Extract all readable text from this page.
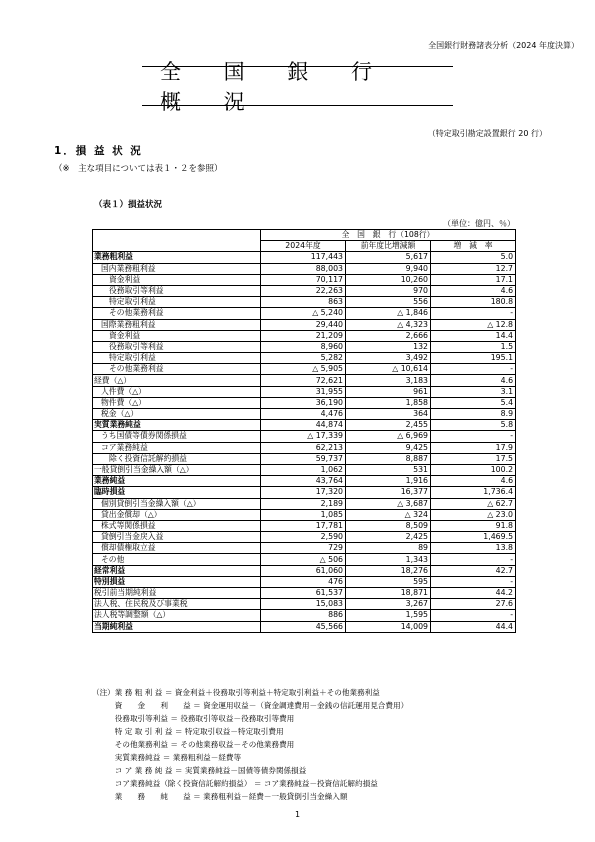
全国銀行財務諸表分析（2024 年度決算）
全 国 銀 行 概 況
（特定取引勘定設置銀行 20 行）
1．損 益 状 況
（※　主な項目については表１・２を参照）
（表１）損益状況
（単位：億円、％）
	全　国　銀　行（108行）		
	2024年度	前年度比増減額	増　減　率
業務粗利益	117,443	5,617	5.0
国内業務粗利益	88,003	9,940	12.7
資金利益	70,117	10,260	17.1
役務取引等利益	22,263	970	4.6
特定取引利益	863	556	180.8
その他業務利益	△ 5,240	△ 1,846	-
国際業務粗利益	29,440	△ 4,323	△ 12.8
資金利益	21,209	2,666	14.4
役務取引等利益	8,960	132	1.5
特定取引利益	5,282	3,492	195.1
その他業務利益	△ 5,905	△ 10,614	-
経費（△）	72,621	3,183	4.6
人件費（△）	31,955	961	3.1
物件費（△）	36,190	1,858	5.4
税金（△）	4,476	364	8.9
実質業務純益	44,874	2,455	5.8
うち国債等債券関係損益	△ 17,339	△ 6,969	-
コア業務純益	62,213	9,425	17.9
除く投資信託解約損益	59,737	8,887	17.5
一般貸倒引当金繰入額（△）	1,062	531	100.2
業務純益	43,764	1,916	4.6
臨時損益	17,320	16,377	1,736.4
個別貸倒引当金繰入額（△）	2,189	△ 3,687	△ 62.7
貸出金償却（△）	1,085	△ 324	△ 23.0
株式等関係損益	17,781	8,509	91.8
貸倒引当金戻入益	2,590	2,425	1,469.5
償却債権取立益	729	89	13.8
その他	△ 506	1,343	-
経常利益	61,060	18,276	42.7
特別損益	476	595	-
税引前当期純利益	61,537	18,871	44.2
法人税、住民税及び事業税	15,083	3,267	27.6
法人税等調整額（△）	886	1,595	-
当期純利益	45,566	14,009	44.4
（注）業 務 粗 利 益 ＝ 資金利益＋役務取引等利益＋特定取引利益＋その他業務利益
　　　資　　金　　利　　益 ＝ 資金運用収益－（資金調達費用－金銭の信託運用見合費用）
　　　役務取引等利益 ＝ 役務取引等収益－役務取引等費用
　　　特 定 取 引 利 益 ＝ 特定取引収益－特定取引費用
　　　その他業務利益 ＝ その他業務収益－その他業務費用
　　　実質業務純益 ＝ 業務粗利益－経費等
　　　コ ア 業 務 純 益 ＝ 実質業務純益－国債等債券関係損益
　　　コア業務純益（除く投資信託解約損益） ＝ コア業務純益－投資信託解約損益
　　　業　　務　　純　　益 ＝ 業務粗利益－経費－一般貸倒引当金繰入額
1
